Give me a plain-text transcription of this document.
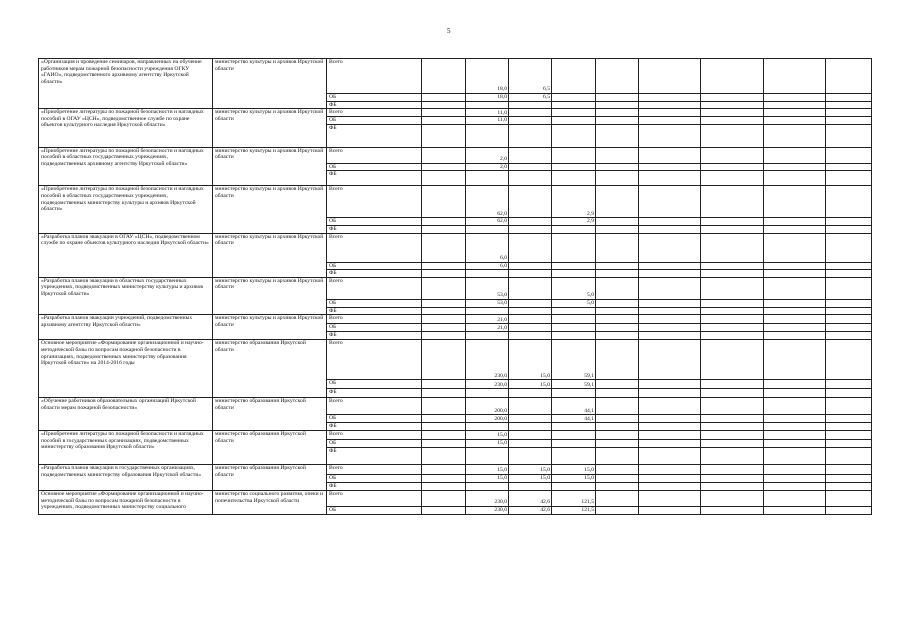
5
«Организация и проведение семинаров, направленных на обучение работников мерам пожарной безопасности учреждения ОГКУ «ГАИО», подведомственного архивному агентству Иркутской области»	министерство культуры и архивов Иркутской области	Всего		18,0	6,5						
		ОБ		18,0	6,5						
		ФБ									
«Приобретение литературы по пожарной безопасности и наглядных пособий в ОГАУ «ЦСН», подведомственное службе по охране объектов культурного наследия Иркутской области»	министерство культуры и архивов Иркутской области	Всего		11,0							
		ОБ		11,0							
		ФБ									
«Приобретение литературы по пожарной безопасности и наглядных пособий в областных государственных учреждениях, подведомственных архивному агентству Иркутской области»	министерство культуры и архивов Иркутской области	Всего		2,0							
		ОБ		2,0							
		ФБ									
«Приобретение литературы по пожарной безопасности и наглядных пособий в областных государственных учреждениях, подведомственных министерству культуры и архивов Иркутской области»	министерство культуры и архивов Иркутской области	Всего		62,0		2,9					
		ОБ		62,0		2,9					
		ФБ									
«Разработка планов эвакуации в ОГАУ «ЦСН», подведомственном службе по охране объектов культурного наследия Иркутской области»	министерство культуры и архивов Иркутской области	Всего		6,0							
		ОБ		6,0							
		ФБ									
«Разработка планов эвакуации в областных государственных учреждениях, подведомственных министерству культуры и архивов Иркутской области»	министерство культуры и архивов Иркутской области	Всего		53,0		5,0					
		ОБ		53,0		5,0					
		ФБ									
«Разработка планов эвакуации учреждений, подведомственных архивному агентству Иркутской области»	министерство культуры и архивов Иркутской области	Всего		21,0							
		ОБ		21,0							
		ФБ									
Основное мероприятие «Формирование организационной и научно-методической базы по вопросам пожарной безопасности в организациях, подведомственных министерству образования Иркутской области» на 2014-2016 годы	министерство образования Иркутской области	Всего		230,0	15,0	59,1					
		ОБ		230,0	15,0	59,1					
		ФБ									
«Обучение работников образовательных организаций Иркутской области мерам пожарной безопасности»	министерство образования Иркутской области	Всего		200,0		44,1					
		ОБ		200,0		44,1					
		ФБ									
«Приобретение литературы по пожарной безопасности и наглядных пособий в государственных организациях, подведомственных министерству образования Иркутской области»	министерство образования Иркутской области	Всего		15,0							
		ОБ		15,0							
		ФБ									
«Разработка планов эвакуации в государственных организациях, подведомственных министерству образования Иркутской области»	министерство образования Иркутской области	Всего		15,0	15,0	15,0					
		ОБ		15,0	15,0	15,0					
		ФБ									
Основное мероприятие «Формирование организационной и научно-методической базы по вопросам пожарной безопасности в учреждениях, подведомственных министерству социального	министерство социального развития, опеки и попечительства Иркутской области	Всего		230,0	42,6	121,5					
		ОБ		230,0	42,6	121,5					
